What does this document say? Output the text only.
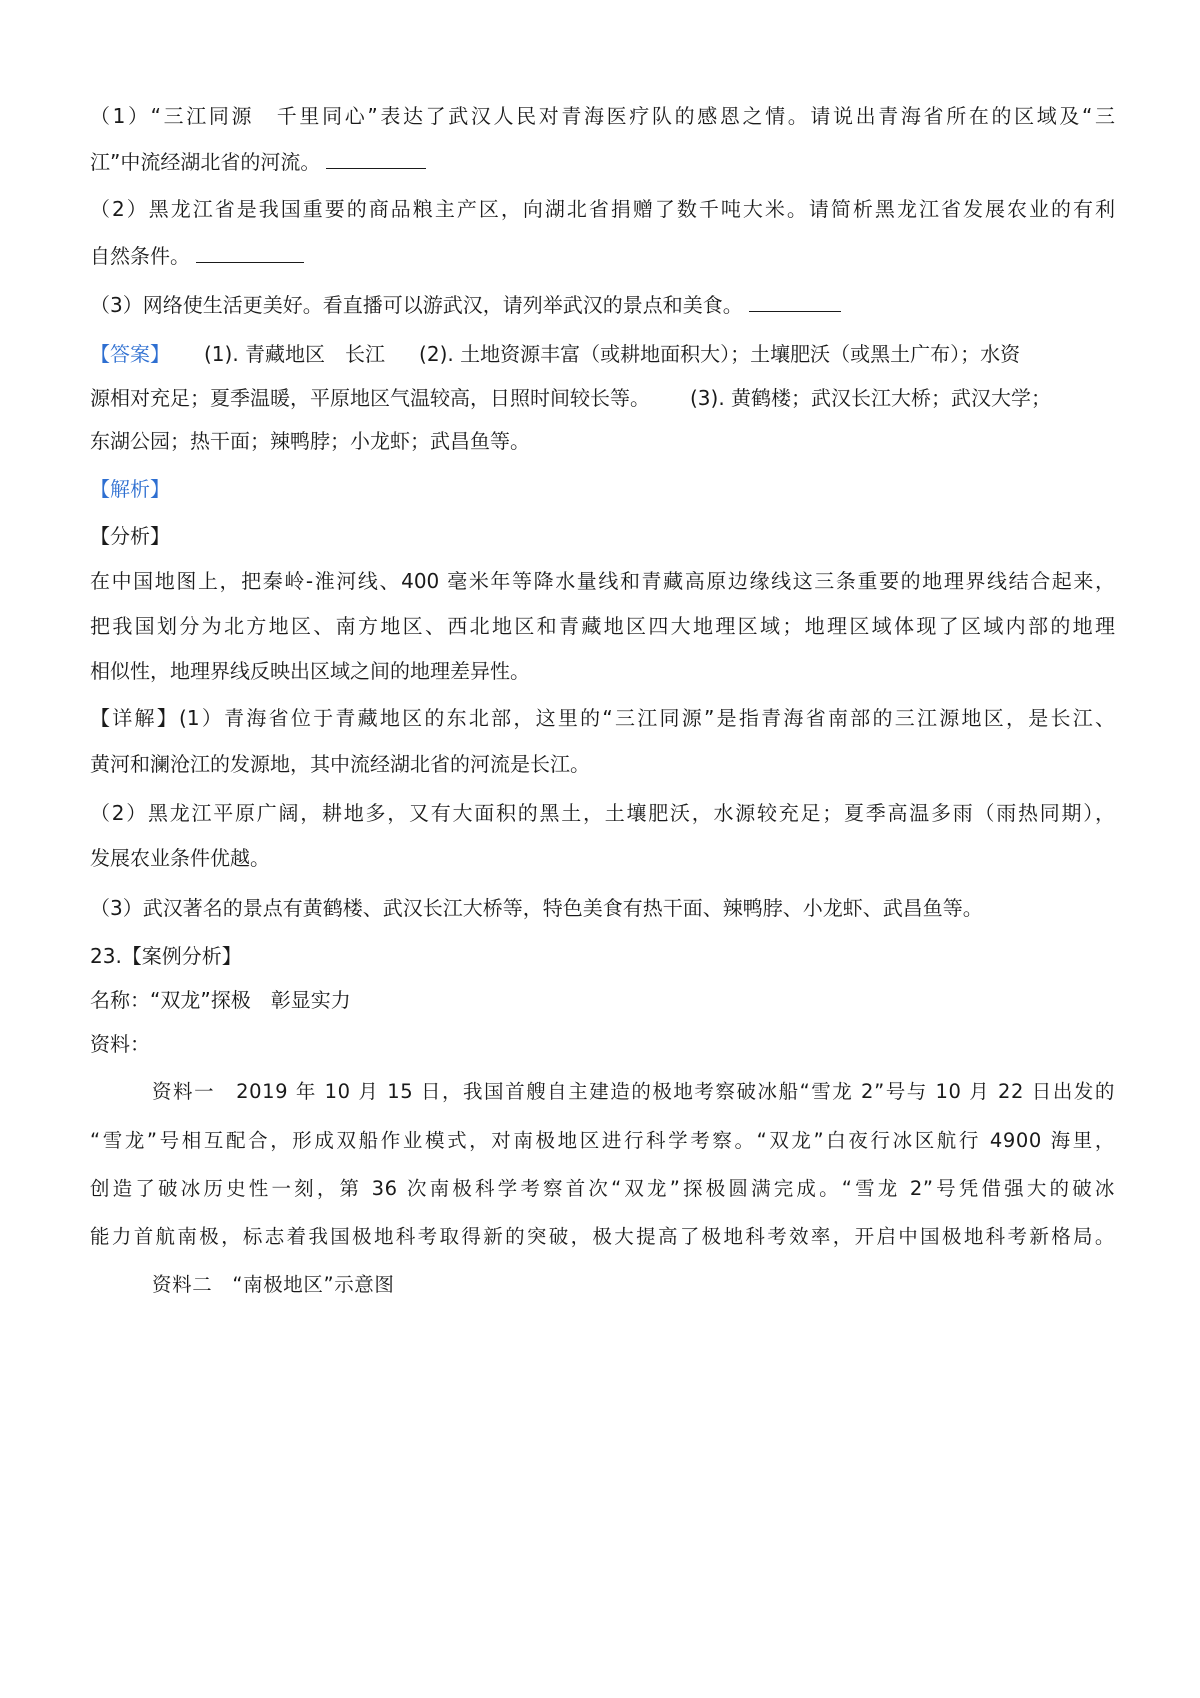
（1）“三江同源　千里同心”表达了武汉人民对青海医疗队的感恩之情。请说出青海省所在的区域及“三
江”中流经湖北省的河流。
（2）黑龙江省是我国重要的商品粮主产区，向湖北省捐赠了数千吨大米。请简析黑龙江省发展农业的有利
自然条件。
（3）网络使生活更美好。看直播可以游武汉，请列举武汉的景点和美食。
【答案】 (1). 青藏地区　长江 (2). 土地资源丰富（或耕地面积大）；土壤肥沃（或黑土广布）；水资
源相对充足；夏季温暖，平原地区气温较高，日照时间较长等。 (3). 黄鹤楼；武汉长江大桥；武汉大学；
东湖公园；热干面；辣鸭脖；小龙虾；武昌鱼等。
【解析】
【分析】
在中国地图上，把秦岭-淮河线、400 毫米年等降水量线和青藏高原边缘线这三条重要的地理界线结合起来，
把我国划分为北方地区、南方地区、西北地区和青藏地区四大地理区域；地理区域体现了区域内部的地理
相似性，地理界线反映出区域之间的地理差异性。
【详解】(1）青海省位于青藏地区的东北部，这里的“三江同源”是指青海省南部的三江源地区，是长江、
黄河和澜沧江的发源地，其中流经湖北省的河流是长江。
（2）黑龙江平原广阔，耕地多，又有大面积的黑土，土壤肥沃，水源较充足；夏季高温多雨（雨热同期），
发展农业条件优越。
（3）武汉著名的景点有黄鹤楼、武汉长江大桥等，特色美食有热干面、辣鸭脖、小龙虾、武昌鱼等。
23.【案例分析】
名称：“双龙”探极　彰显实力
资料：
资料一　2019 年 10 月 15 日，我国首艘自主建造的极地考察破冰船“雪龙 2”号与 10 月 22 日出发的
“雪龙”号相互配合，形成双船作业模式，对南极地区进行科学考察。“双龙”白夜行冰区航行 4900 海里，
创造了破冰历史性一刻，第 36 次南极科学考察首次“双龙”探极圆满完成。“雪龙 2”号凭借强大的破冰
能力首航南极，标志着我国极地科考取得新的突破，极大提高了极地科考效率，开启中国极地科考新格局。
资料二　“南极地区”示意图
